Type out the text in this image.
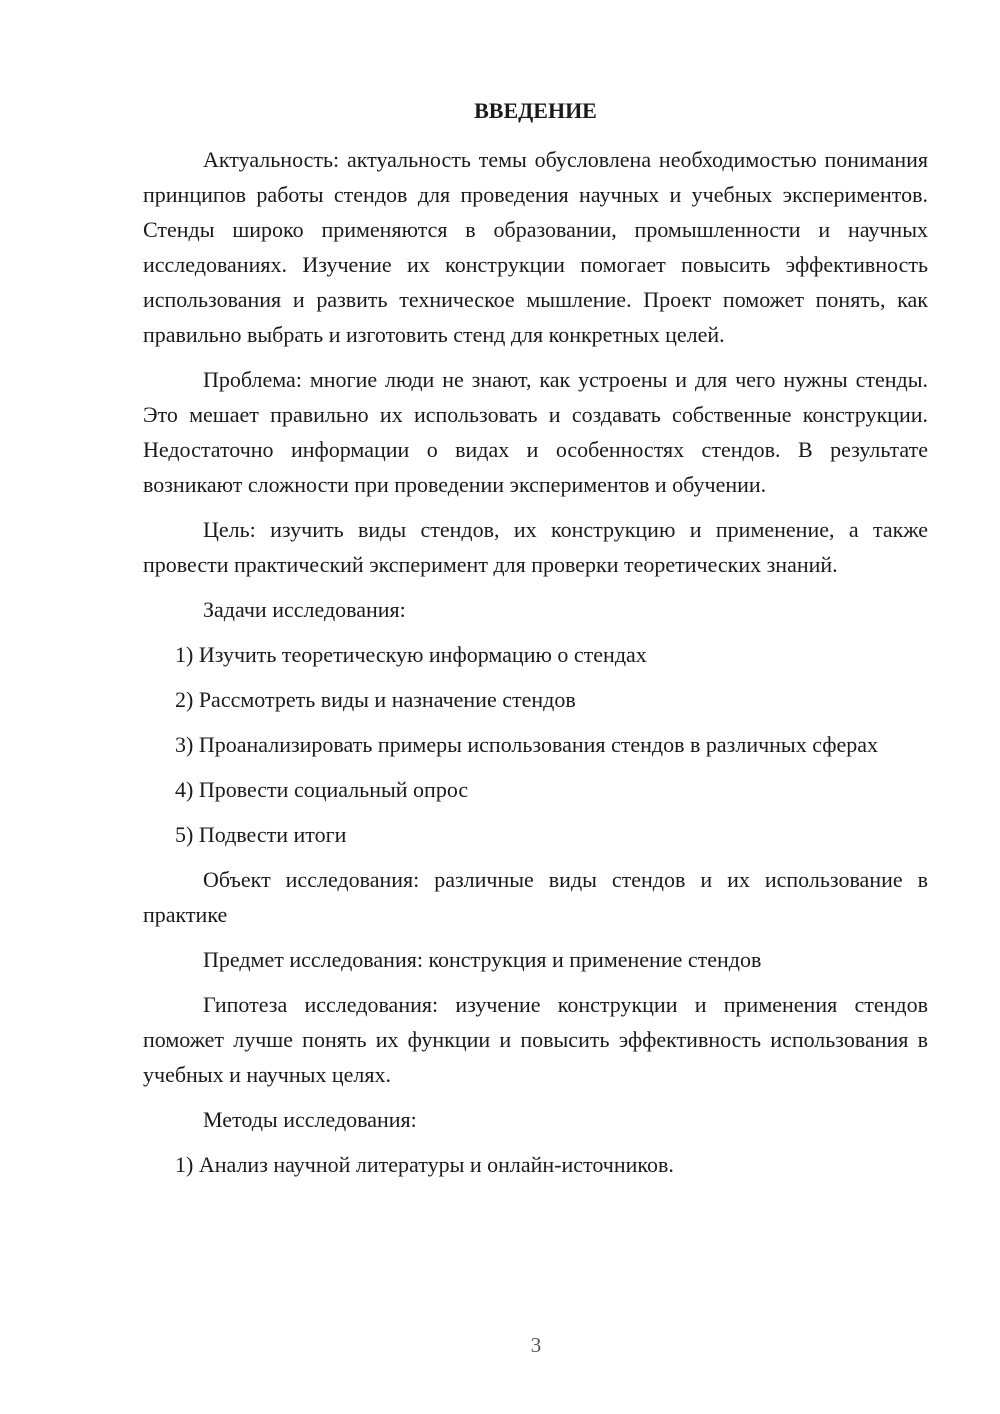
ВВЕДЕНИЕ

Актуальность: актуальность темы обусловлена необходимостью понимания принципов работы стендов для проведения научных и учебных экспериментов. Стенды широко применяются в образовании, промышленности и научных исследованиях. Изучение их конструкции помогает повысить эффективность использования и развить техническое мышление. Проект поможет понять, как правильно выбрать и изготовить стенд для конкретных целей.

Проблема: многие люди не знают, как устроены и для чего нужны стенды. Это мешает правильно их использовать и создавать собственные конструкции. Недостаточно информации о видах и особенностях стендов. В результате возникают сложности при проведении экспериментов и обучении.

Цель: изучить виды стендов, их конструкцию и применение, а также провести практический эксперимент для проверки теоретических знаний.

Задачи исследования:

1) Изучить теоретическую информацию о стендах

2) Рассмотреть виды и назначение стендов

3) Проанализировать примеры использования стендов в различных сферах

4) Провести социальный опрос

5) Подвести итоги

Объект исследования: различные виды стендов и их использование в практике

Предмет исследования: конструкция и применение стендов

Гипотеза исследования: изучение конструкции и применения стендов поможет лучше понять их функции и повысить эффективность использования в учебных и научных целях.

Методы исследования:

1) Анализ научной литературы и онлайн-источников.

3
